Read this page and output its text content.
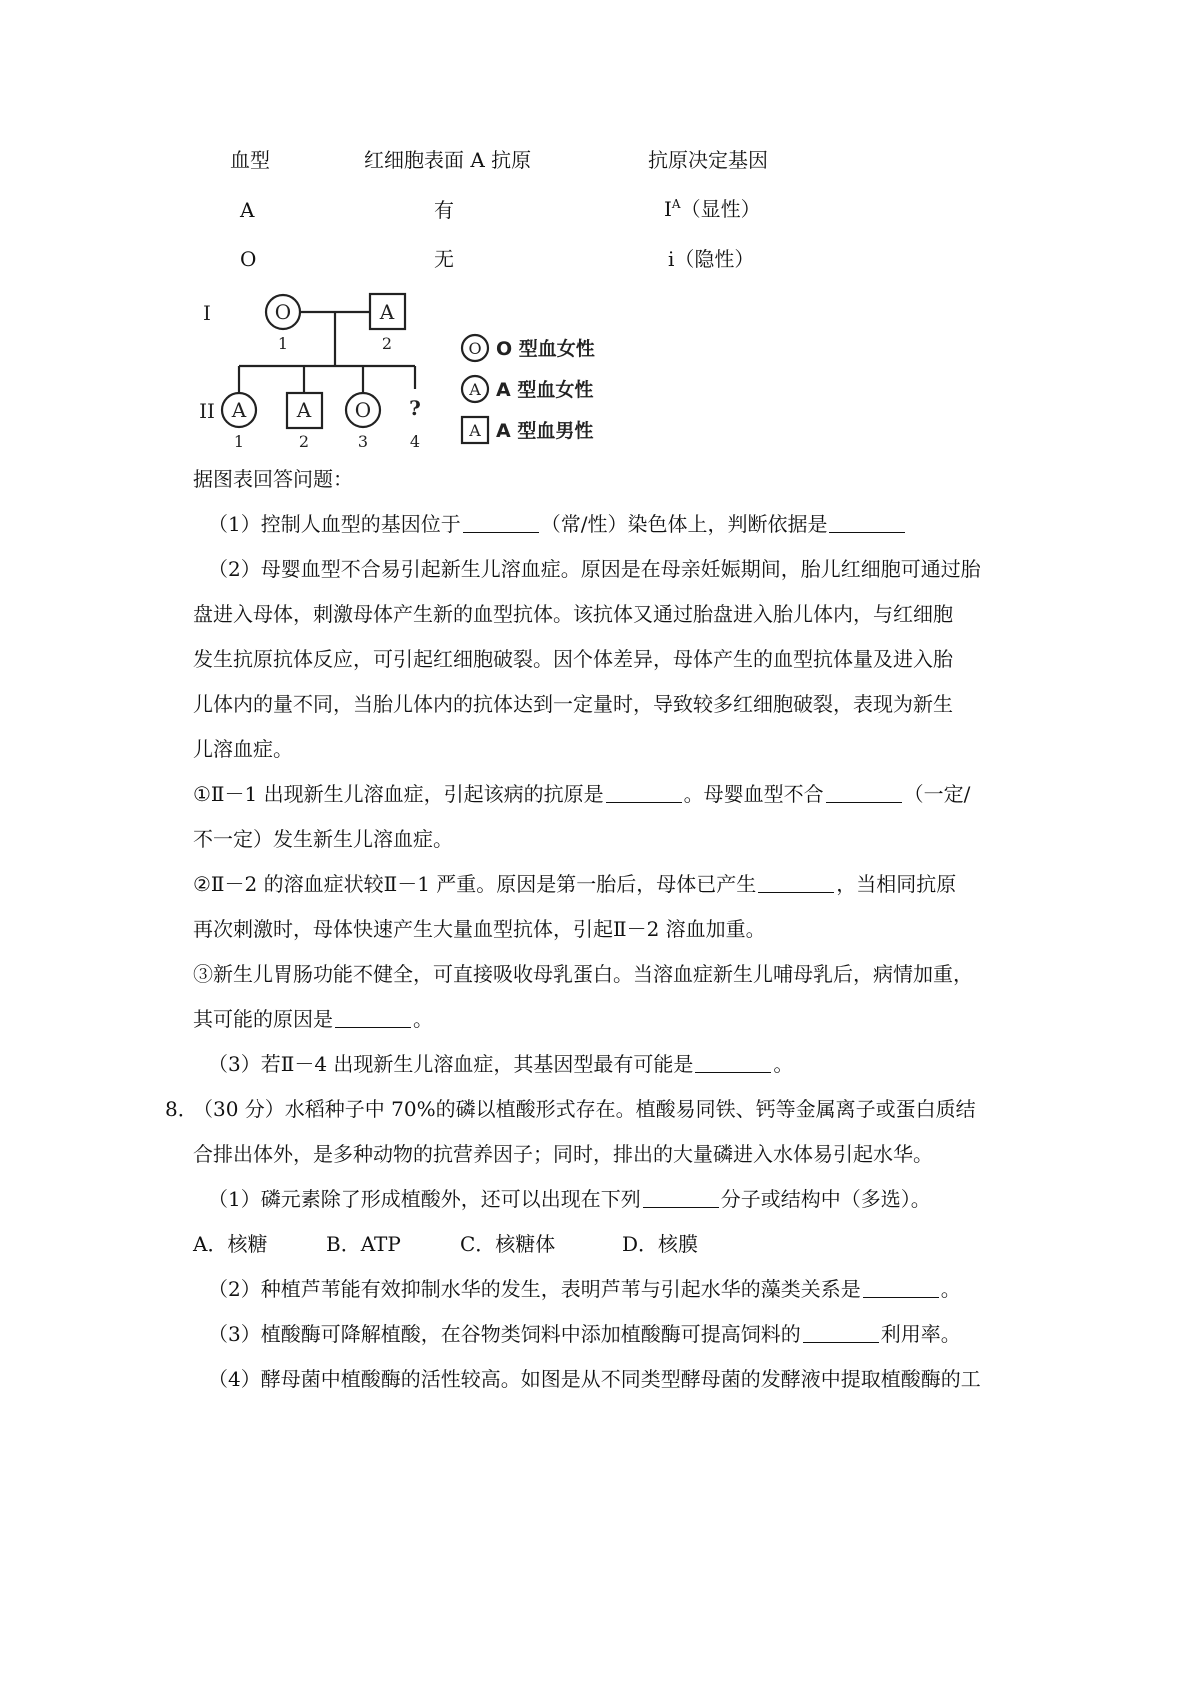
血型	红细胞表面 A 抗原	抗原决定基因
A	有	$I^A$（显性）
O	无	i（隐性）
I
II
O	A
1	2
A	A O ?
1	2	3	4
O
A
A
O 型血女性
A 型血女性
A 型血男性
据图表回答问题：
（1）控制人血型的基因位于	（常/性）染色体上，判断依据是
（2）母婴血型不合易引起新生儿溶血症。原因是在母亲妊娠期间，胎儿红细胞可通过胎
盘进入母体，刺激母体产生新的血型抗体。该抗体又通过胎盘进入胎儿体内，与红细胞
发生抗原抗体反应，可引起红细胞破裂。因个体差异，母体产生的血型抗体量及进入胎
儿体内的量不同，当胎儿体内的抗体达到一定量时，导致较多红细胞破裂，表现为新生
儿溶血症。
①Ⅱ－1 出现新生儿溶血症，引起该病的抗原是	。母婴血型不合	（一定/
不一定）发生新生儿溶血症。
②Ⅱ－2 的溶血症状较Ⅱ－1 严重。原因是第一胎后，母体已产生	，当相同抗原
再次刺激时，母体快速产生大量血型抗体，引起Ⅱ－2 溶血加重。
③新生儿胃肠功能不健全，可直接吸收母乳蛋白。当溶血症新生儿哺母乳后，病情加重，
其可能的原因是	。
（3）若Ⅱ－4 出现新生儿溶血症，其基因型最有可能是	。
8．
（30 分）水稻种子中 70%的磷以植酸形式存在。植酸易同铁、钙等金属离子或蛋白质结
合排出体外，是多种动物的抗营养因子；同时，排出的大量磷进入水体易引起水华。
（1）磷元素除了形成植酸外，还可以出现在下列	分子或结构中（多选）。
A．核糖	B．ATP	C．核糖体	D．核膜
（2）种植芦苇能有效抑制水华的发生，表明芦苇与引起水华的藻类关系是	。
（3）植酸酶可降解植酸，在谷物类饲料中添加植酸酶可提高饲料的	利用率。
（4）酵母菌中植酸酶的活性较高。如图是从不同类型酵母菌的发酵液中提取植酸酶的工
